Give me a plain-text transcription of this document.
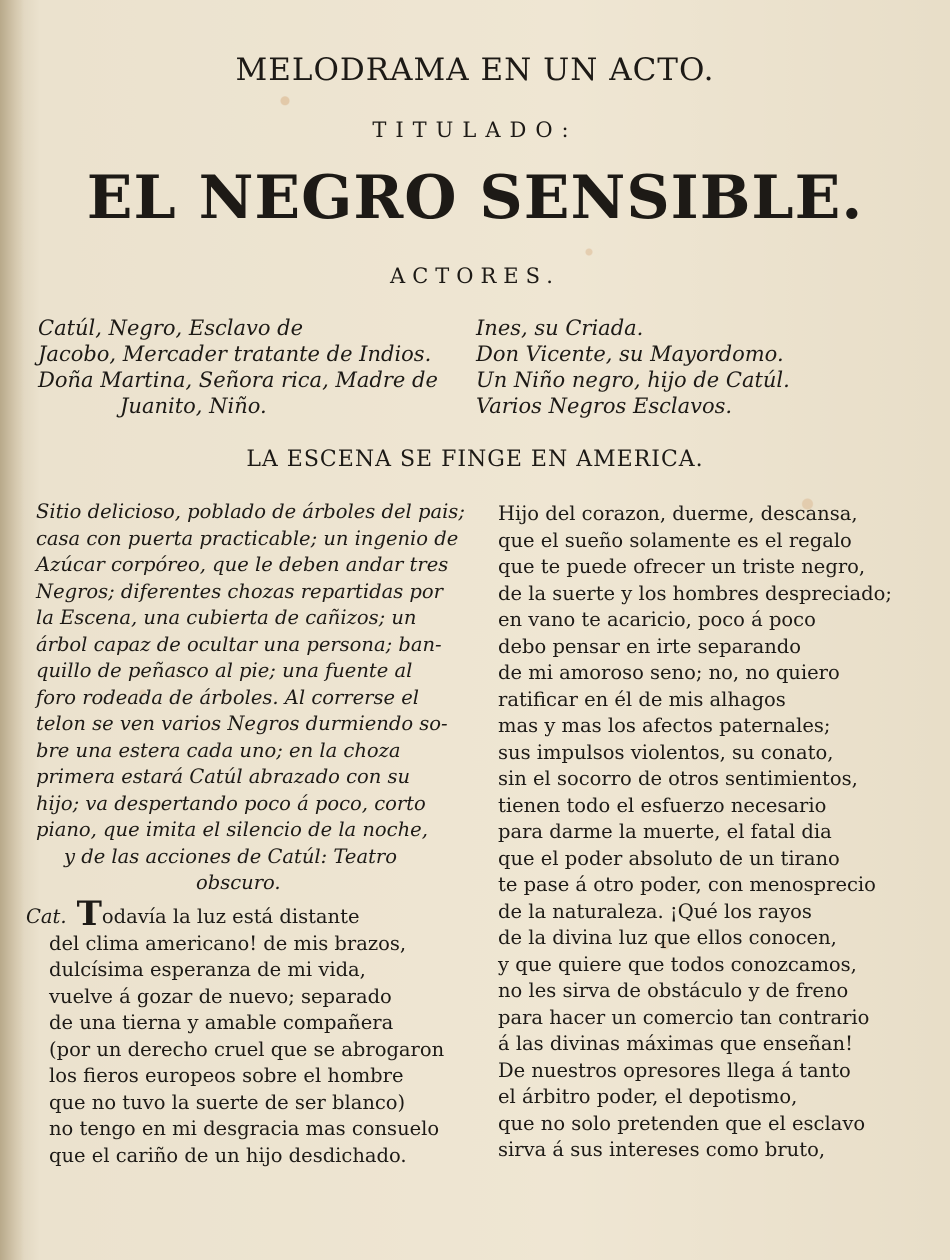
MELODRAMA EN UN ACTO.
TITULADO:
EL NEGRO SENSIBLE.
ACTORES.
Catúl, Negro, Esclavo de
Jacobo, Mercader tratante de Indios.
Doña Martina, Señora rica, Madre de
Juanito, Niño.
Ines, su Criada.
Don Vicente, su Mayordomo.
Un Niño negro, hijo de Catúl.
Varios Negros Esclavos.
LA ESCENA SE FINGE EN AMERICA.
Sitio delicioso, poblado de árboles del pais;
casa con puerta practicable; un ingenio de
Azúcar corpóreo, que le deben andar tres
Negros; diferentes chozas repartidas por
la Escena, una cubierta de cañizos; un
árbol capaz de ocultar una persona; ban-
quillo de peñasco al pie; una fuente al
foro rodeada de árboles. Al correrse el
telon se ven varios Negros durmiendo so-
bre una estera cada uno; en la choza
primera estará Catúl abrazado con su
hijo; va despertando poco á poco, corto
piano, que imita el silencio de la noche,
y de las acciones de Catúl: Teatro
obscuro.
Cat. Todavía la luz está distante
del clima americano! de mis brazos,
dulcísima esperanza de mi vida,
vuelve á gozar de nuevo; separado
de una tierna y amable compañera
(por un derecho cruel que se abrogaron
los fieros europeos sobre el hombre
que no tuvo la suerte de ser blanco)
no tengo en mi desgracia mas consuelo
que el cariño de un hijo desdichado.
Hijo del corazon, duerme, descansa,
que el sueño solamente es el regalo
que te puede ofrecer un triste negro,
de la suerte y los hombres despreciado;
en vano te acaricio, poco á poco
debo pensar en irte separando
de mi amoroso seno; no, no quiero
ratificar en él de mis alhagos
mas y mas los afectos paternales;
sus impulsos violentos, su conato,
sin el socorro de otros sentimientos,
tienen todo el esfuerzo necesario
para darme la muerte, el fatal dia
que el poder absoluto de un tirano
te pase á otro poder, con menosprecio
de la naturaleza. ¡Qué los rayos
de la divina luz que ellos conocen,
y que quiere que todos conozcamos,
no les sirva de obstáculo y de freno
para hacer un comercio tan contrario
á las divinas máximas que enseñan!
De nuestros opresores llega á tanto
el árbitro poder, el depotismo,
que no solo pretenden que el esclavo
sirva á sus intereses como bruto,
